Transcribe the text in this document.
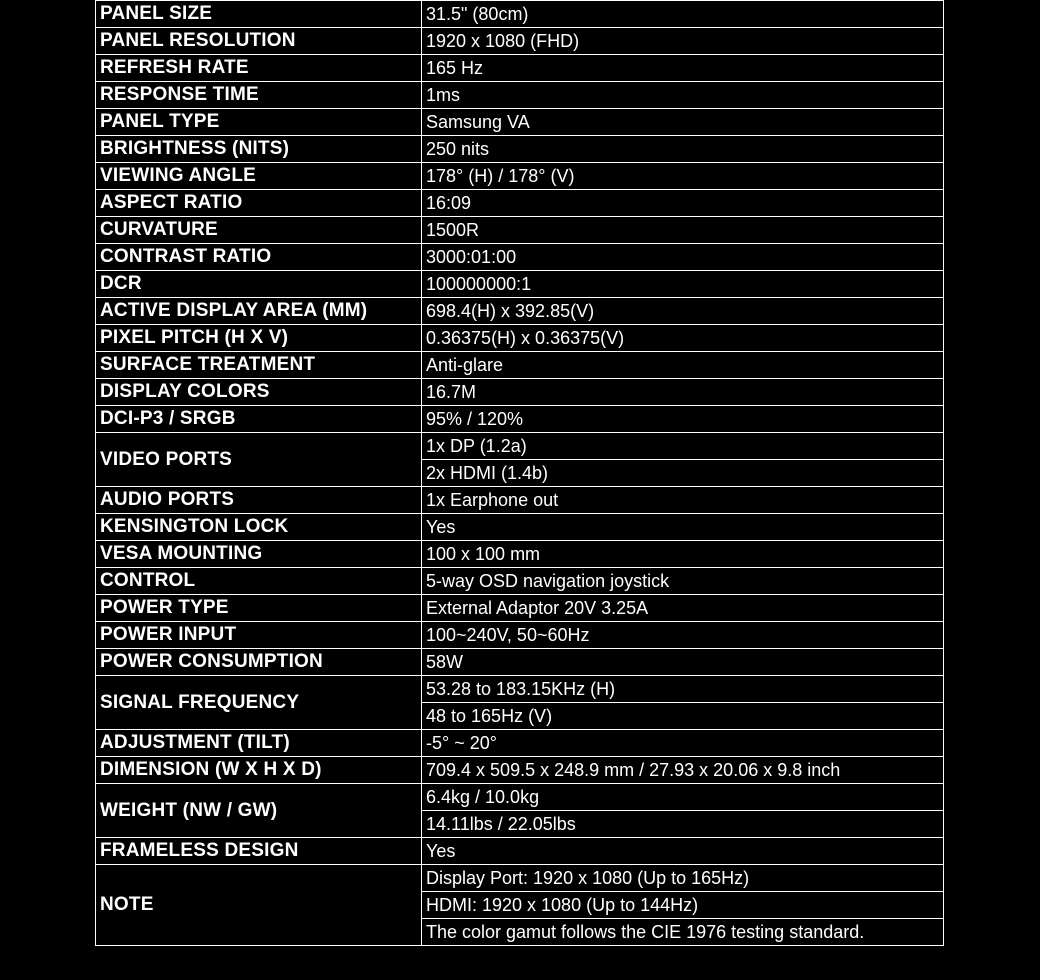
PANEL SIZE	31.5" (80cm)
PANEL RESOLUTION	1920 x 1080 (FHD)
REFRESH RATE	165 Hz
RESPONSE TIME	1ms
PANEL TYPE	Samsung VA
BRIGHTNESS (NITS)	250 nits
VIEWING ANGLE	178° (H) / 178° (V)
ASPECT RATIO	16:09
CURVATURE	1500R
CONTRAST RATIO	3000:01:00
DCR	100000000:1
ACTIVE DISPLAY AREA (MM)	698.4(H) x 392.85(V)
PIXEL PITCH (H X V)	0.36375(H) x 0.36375(V)
SURFACE TREATMENT	Anti-glare
DISPLAY COLORS	16.7M
DCI-P3 / SRGB	95% / 120%
VIDEO PORTS	1x DP (1.2a)
	2x HDMI (1.4b)
AUDIO PORTS	1x Earphone out
KENSINGTON LOCK	Yes
VESA MOUNTING	100 x 100 mm
CONTROL	5-way OSD navigation joystick
POWER TYPE	External Adaptor 20V 3.25A
POWER INPUT	100~240V, 50~60Hz
POWER CONSUMPTION	58W
SIGNAL FREQUENCY	53.28 to 183.15KHz (H)
	48 to 165Hz (V)
ADJUSTMENT (TILT)	-5° ~ 20°
DIMENSION (W X H X D)	709.4 x 509.5 x 248.9 mm / 27.93 x 20.06 x 9.8 inch
WEIGHT (NW / GW)	6.4kg / 10.0kg
	14.11lbs / 22.05lbs
FRAMELESS DESIGN	Yes
NOTE	Display Port: 1920 x 1080 (Up to 165Hz)
	HDMI: 1920 x 1080 (Up to 144Hz)
	The color gamut follows the CIE 1976 testing standard.
